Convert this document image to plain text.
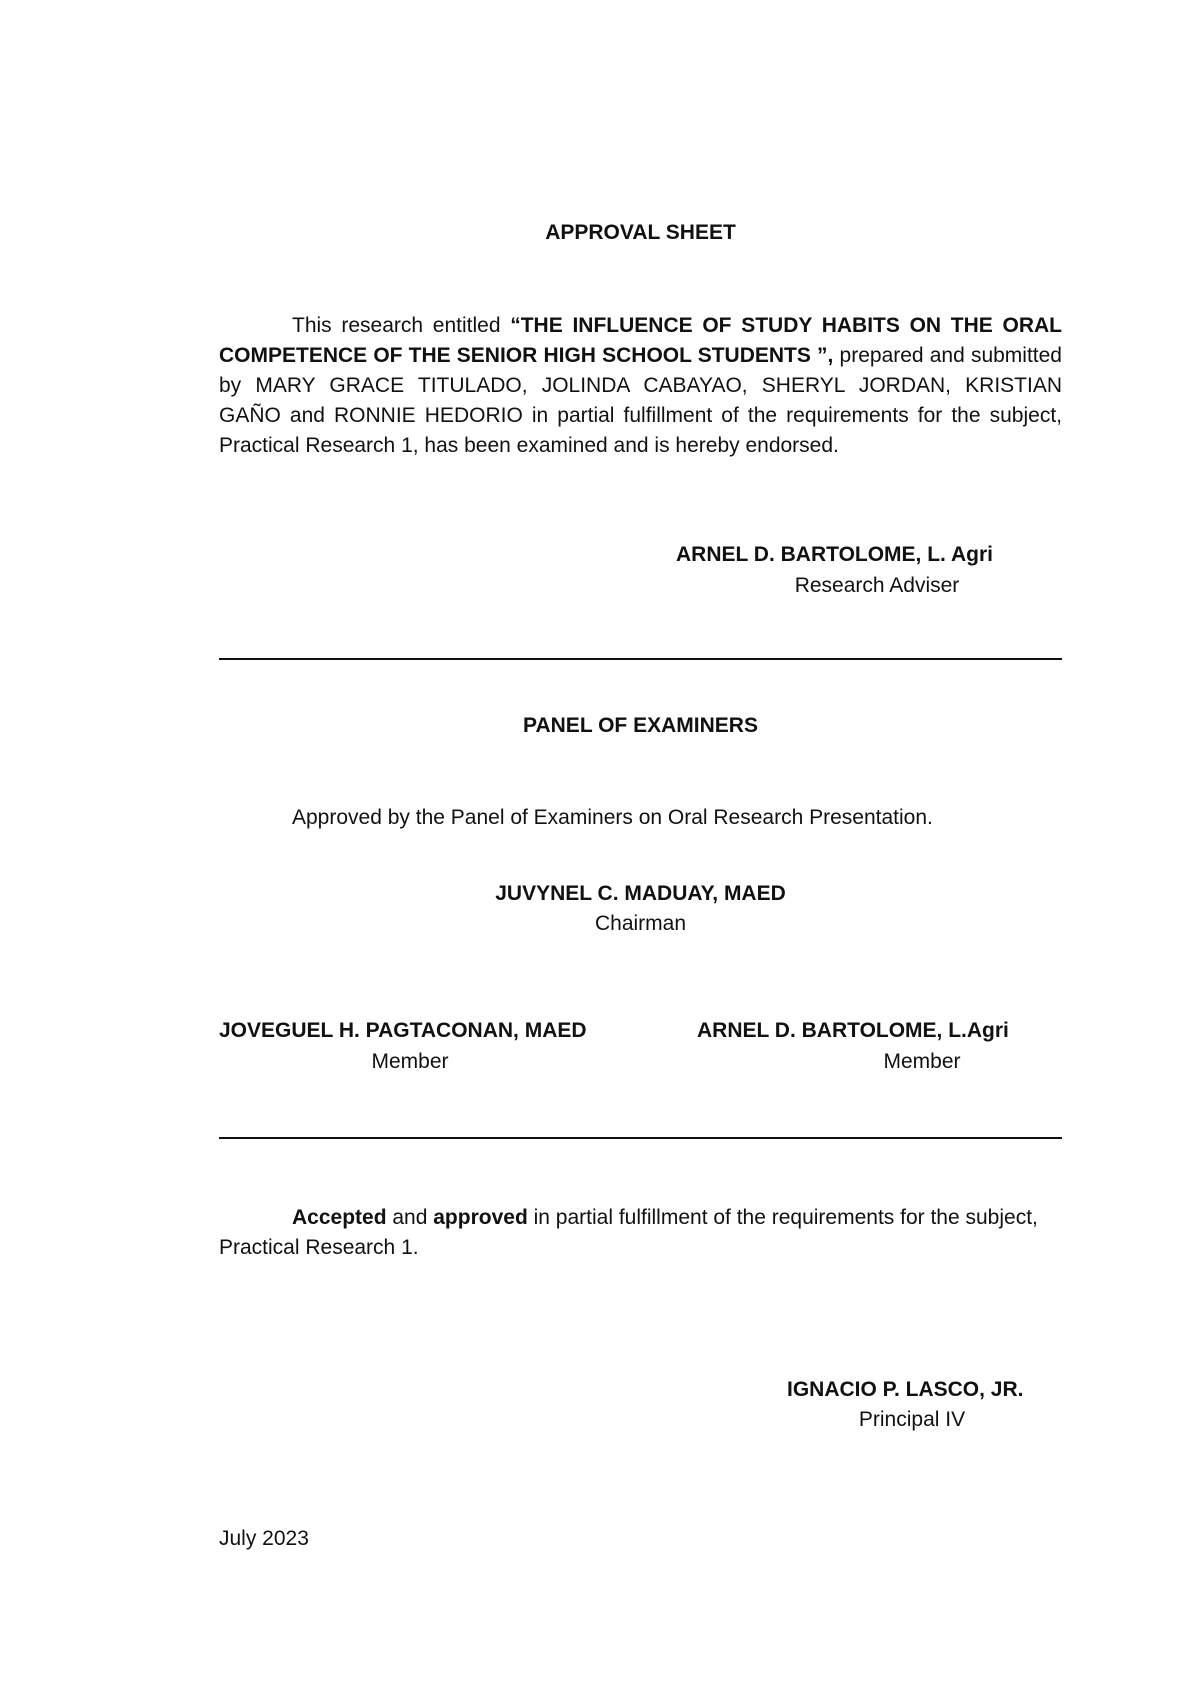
APPROVAL SHEET

This research entitled “THE INFLUENCE OF STUDY HABITS ON THE ORAL COMPETENCE OF THE SENIOR HIGH SCHOOL STUDENTS ”, prepared and submitted by MARY GRACE TITULADO, JOLINDA CABAYAO, SHERYL JORDAN, KRISTIAN GAÑO and RONNIE HEDORIO in partial fulfillment of the requirements for the subject, Practical Research 1, has been examined and is hereby endorsed.

ARNEL D. BARTOLOME, L. Agri
Research Adviser
PANEL OF EXAMINERS
Approved by the Panel of Examiners on Oral Research Presentation.
JUVYNEL C. MADUAY, MAED
Chairman
JOVEGUEL H. PAGTACONAN, MAED
Member
ARNEL D. BARTOLOME, L.Agri
Member

Accepted and approved in partial fulfillment of the requirements for the subject, Practical Research 1.

IGNACIO P. LASCO, JR.
Principal IV
July 2023
